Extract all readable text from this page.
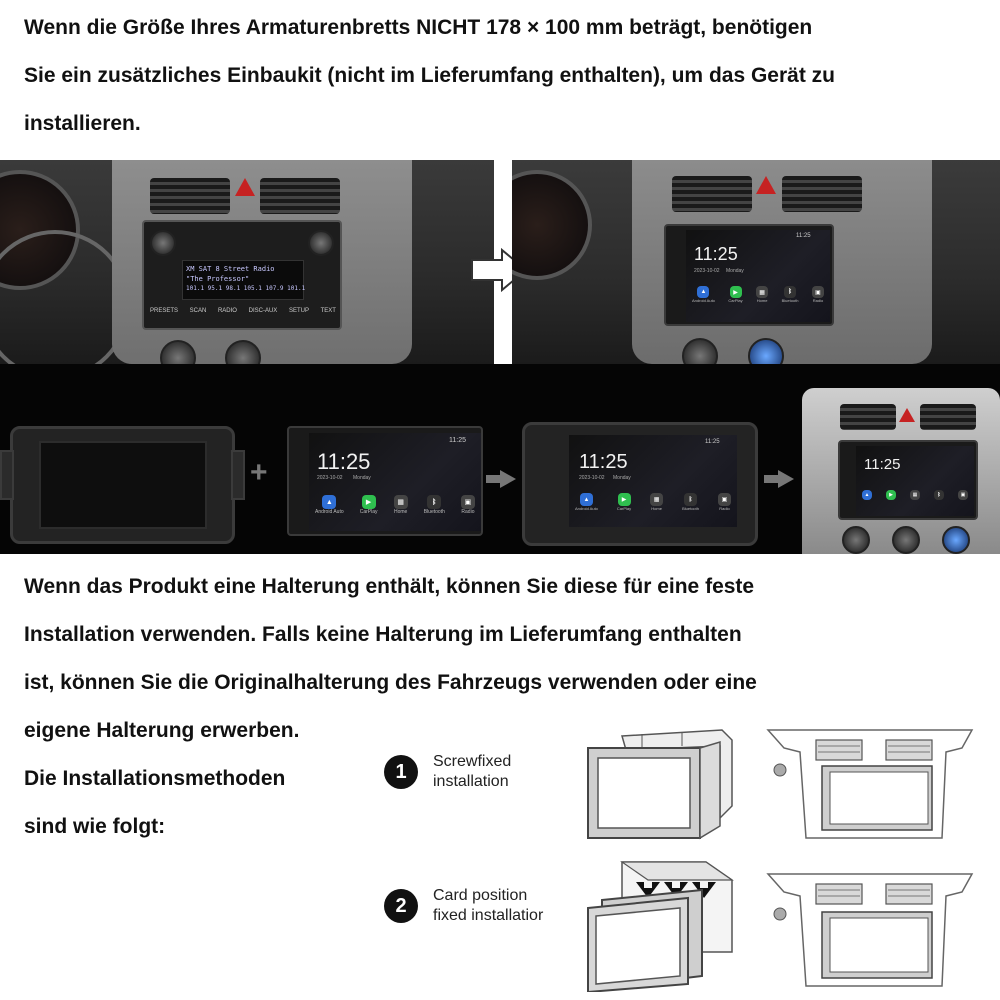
Wenn die Größe Ihres Armaturenbretts NICHT 178 × 100 mm beträgt, benötigen
Sie ein zusätzliches Einbaukit (nicht im Lieferumfang enthalten), um das Gerät zu
installieren.
XM SAT 8 Street Radio
"The Professor"
101.1 95.1 98.1 105.1 107.9 101.1
PRESETS SCAN RADIO DISC-AUX SETUP TEXT
11:25
11:25
2023-10-02 Monday
▲
Android Auto
▶
CarPlay
▦
Home
ᛒ
Bluetooth
▣
Radio
+
11:25
11:25
2023-10-02 Monday
▲
Android Auto
▶
CarPlay
▦
Home
ᛒ
Bluetooth
▣
Radio
11:25
11:25
2023-10-02 Monday
▲
Android Auto
▶
CarPlay
▦
Home
ᛒ
Bluetooth
▣
Radio
11:25
▲	▶	▦	ᛒ	▣
Wenn das Produkt eine Halterung enthält, können Sie diese für eine feste
Installation verwenden. Falls keine Halterung im Lieferumfang enthalten
ist, können Sie die Originalhalterung des Fahrzeugs verwenden oder eine
eigene Halterung erwerben.
Die Installationsmethoden
sind wie folgt:
1	Screwfixed
installation
2	Card position
fixed installatior
